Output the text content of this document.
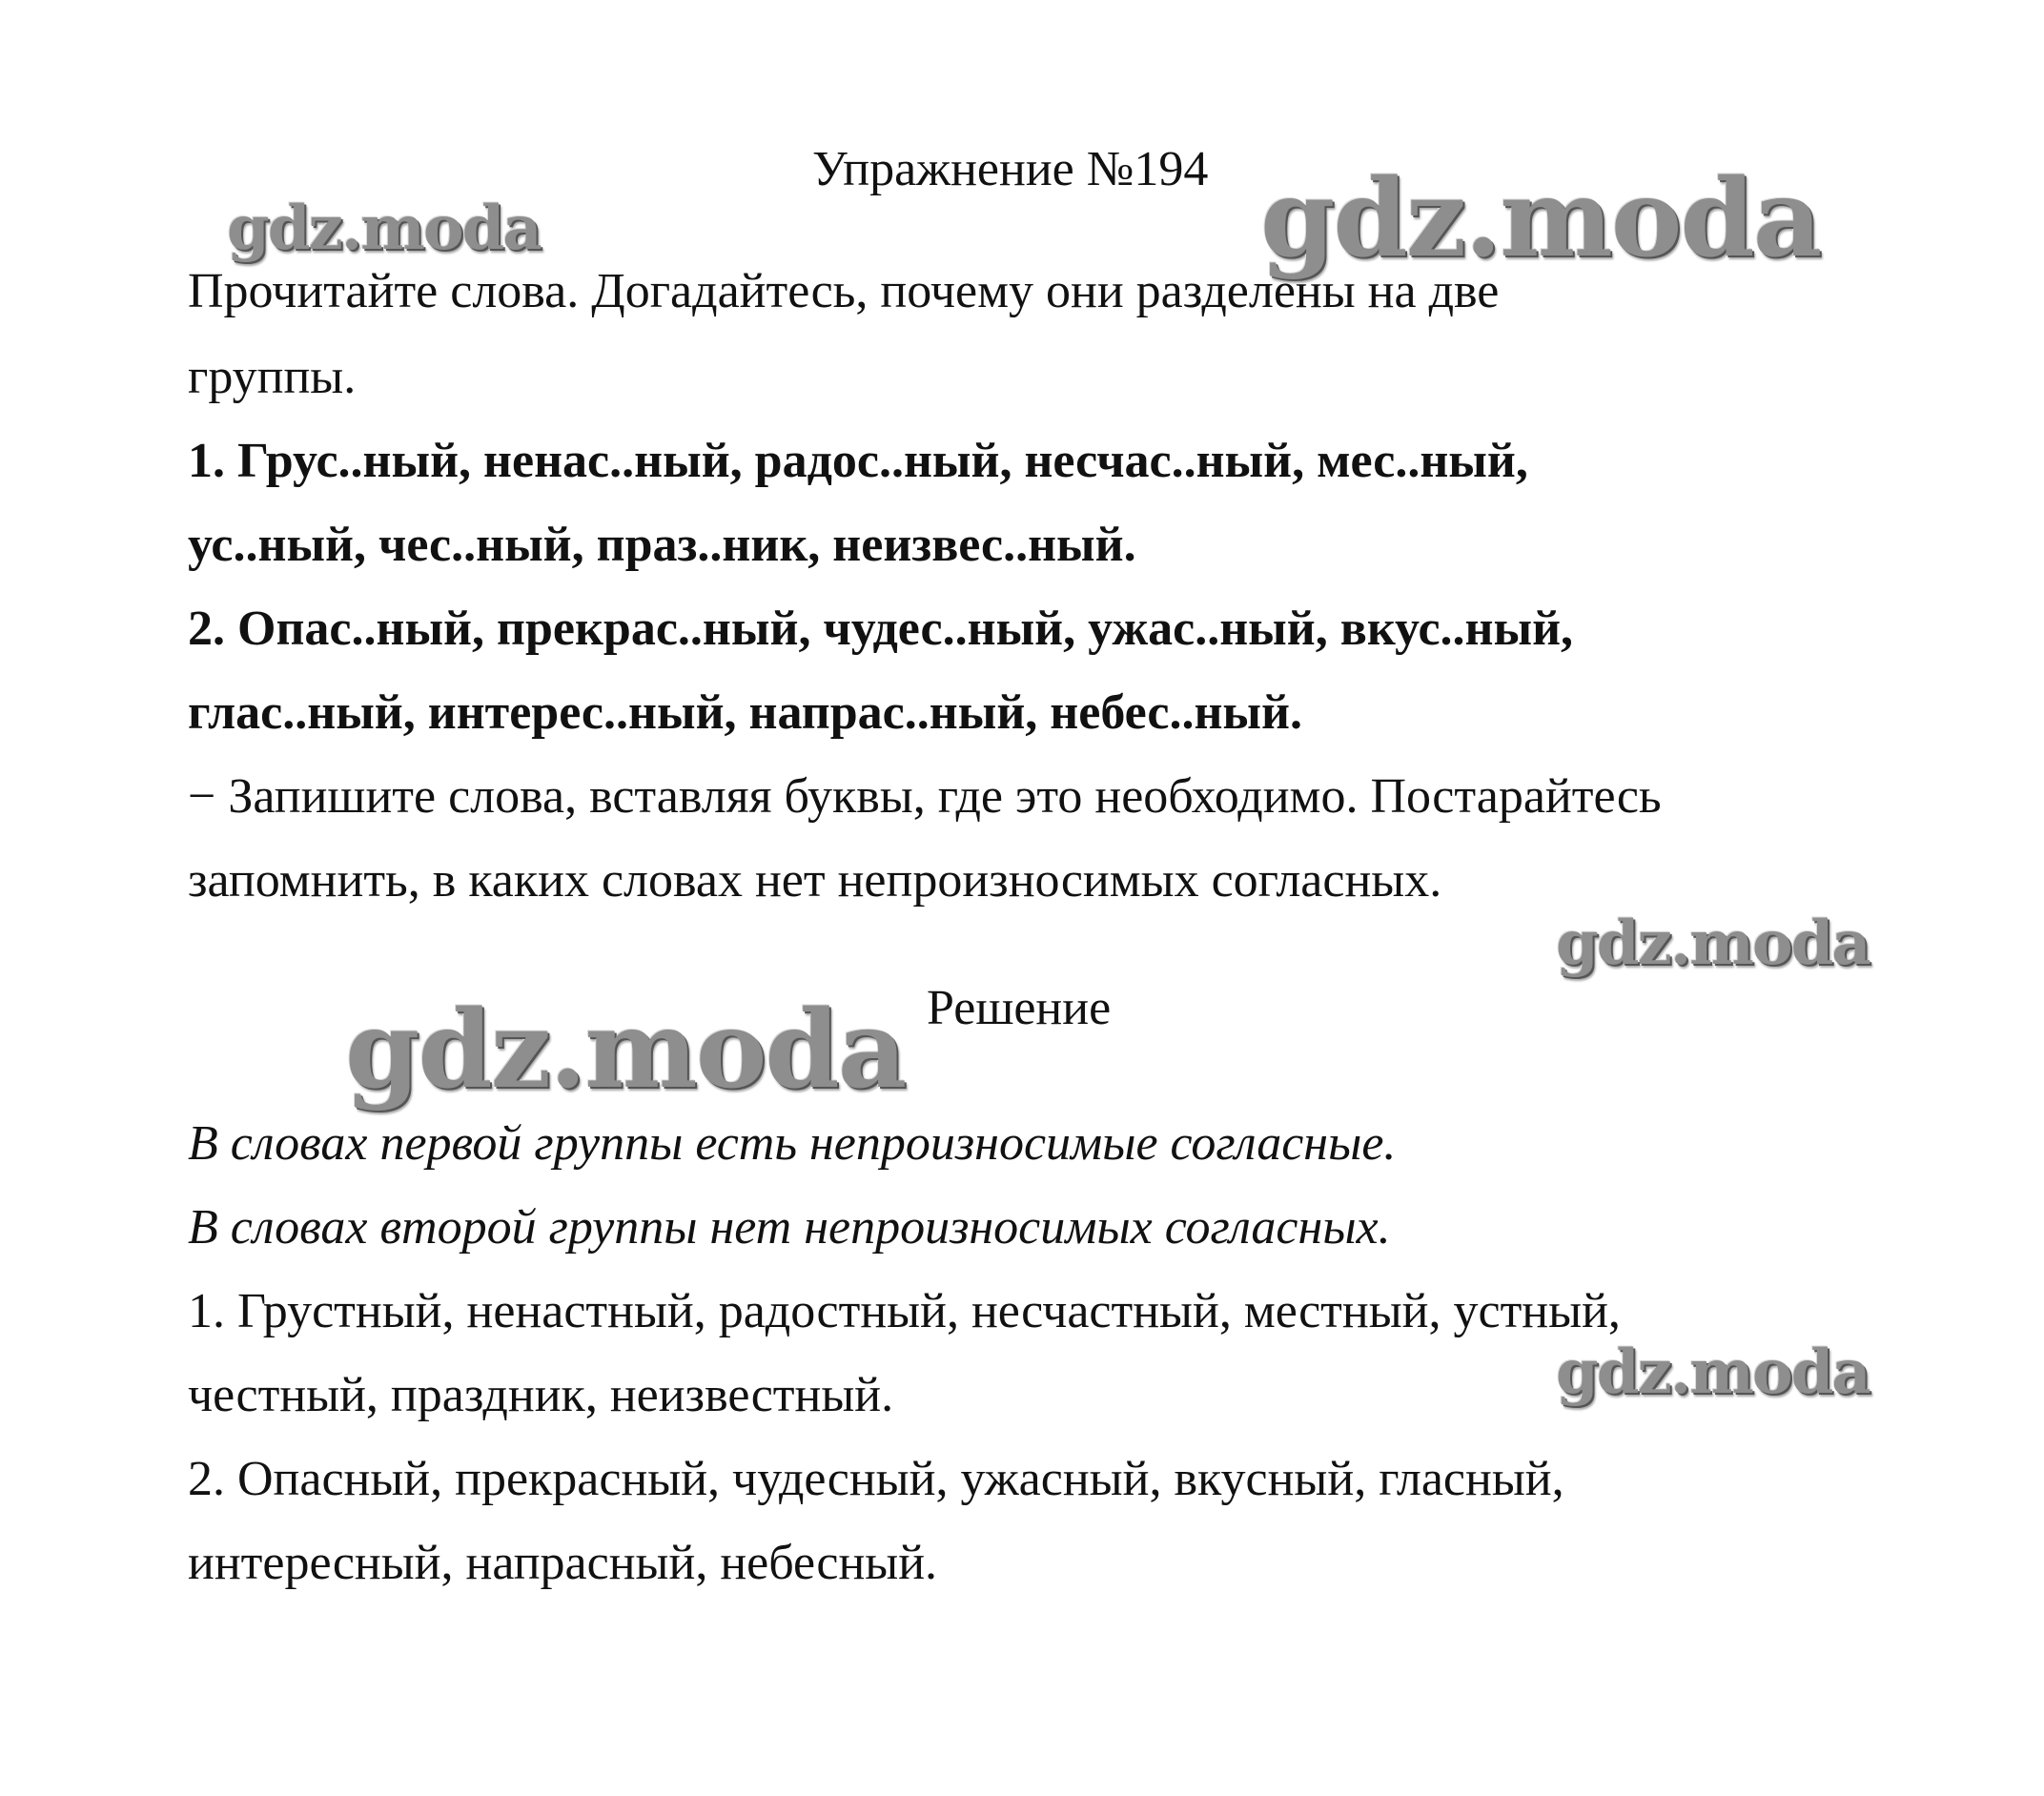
gdz.moda	gdz.moda
gdz.moda
gdz.moda
gdz.moda
Упражнение №194
Прочитайте слова. Догадайтесь, почему они разделены на две
группы.
1. Грус..ный, ненас..ный, радос..ный, несчас..ный, мес..ный,
ус..ный, чес..ный, праз..ник, неизвес..ный.
2. Опас..ный, прекрас..ный, чудес..ный, ужас..ный, вкус..ный,
глас..ный, интерес..ный, напрас..ный, небес..ный.
− Запишите слова, вставляя буквы, где это необходимо. Постарайтесь
запомнить, в каких словах нет непроизносимых согласных.
Решение
В словах первой группы есть непроизносимые согласные.
В словах второй группы нет непроизносимых согласных.
1. Грустный, ненастный, радостный, несчастный, местный, устный,
честный, праздник, неизвестный.
2. Опасный, прекрасный, чудесный, ужасный, вкусный, гласный,
интересный, напрасный, небесный.
